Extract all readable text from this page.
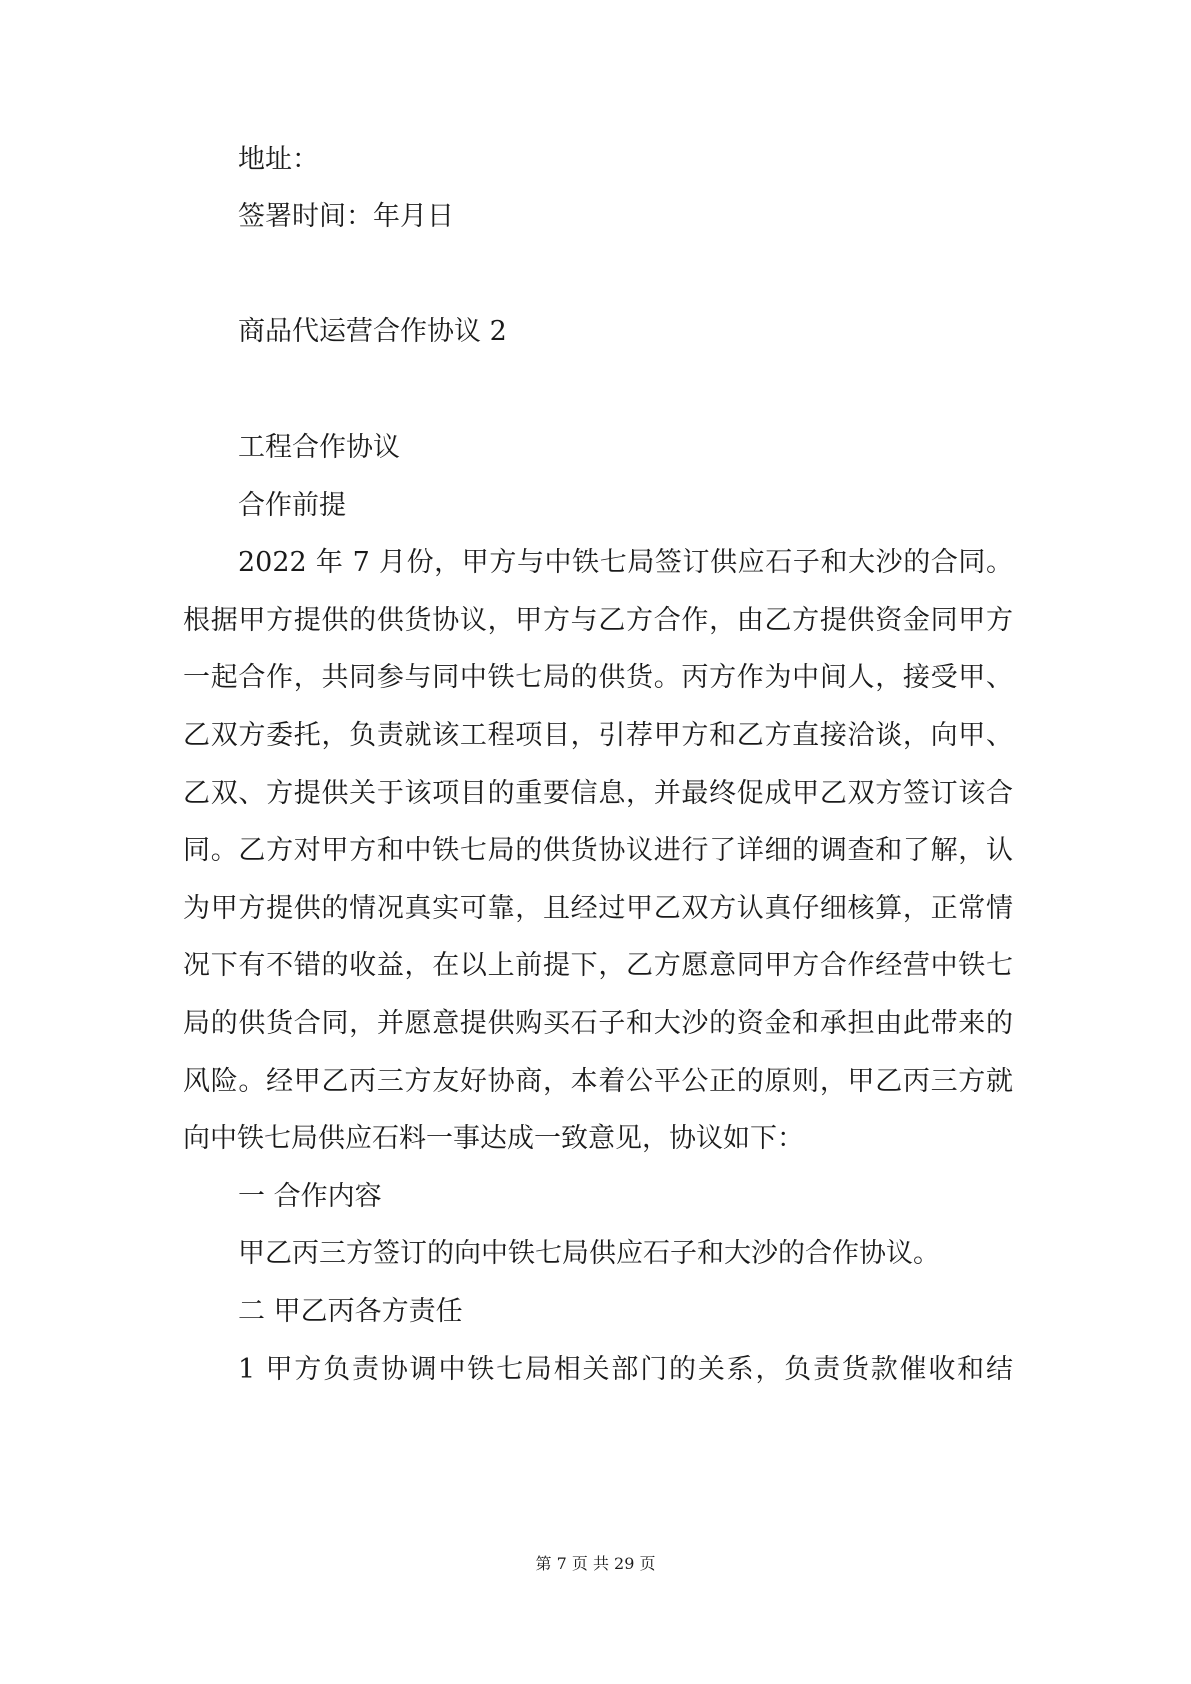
地址：
签署时间：年月日
商品代运营合作协议 2
工程合作协议
合作前提
2022 年 7 月份，甲方与中铁七局签订供应石子和大沙的合同。
根据甲方提供的供货协议，甲方与乙方合作，由乙方提供资金同甲方
一起合作，共同参与同中铁七局的供货。丙方作为中间人，接受甲、
乙双方委托，负责就该工程项目，引荐甲方和乙方直接洽谈，向甲、
乙双、方提供关于该项目的重要信息，并最终促成甲乙双方签订该合
同。乙方对甲方和中铁七局的供货协议进行了详细的调查和了解，认
为甲方提供的情况真实可靠，且经过甲乙双方认真仔细核算，正常情
况下有不错的收益，在以上前提下，乙方愿意同甲方合作经营中铁七
局的供货合同，并愿意提供购买石子和大沙的资金和承担由此带来的
风险。经甲乙丙三方友好协商，本着公平公正的原则，甲乙丙三方就
向中铁七局供应石料一事达成一致意见，协议如下：
一 合作内容
甲乙丙三方签订的向中铁七局供应石子和大沙的合作协议。
二 甲乙丙各方责任
1 甲方负责协调中铁七局相关部门的关系，负责货款催收和结
第 7 页 共 29 页
